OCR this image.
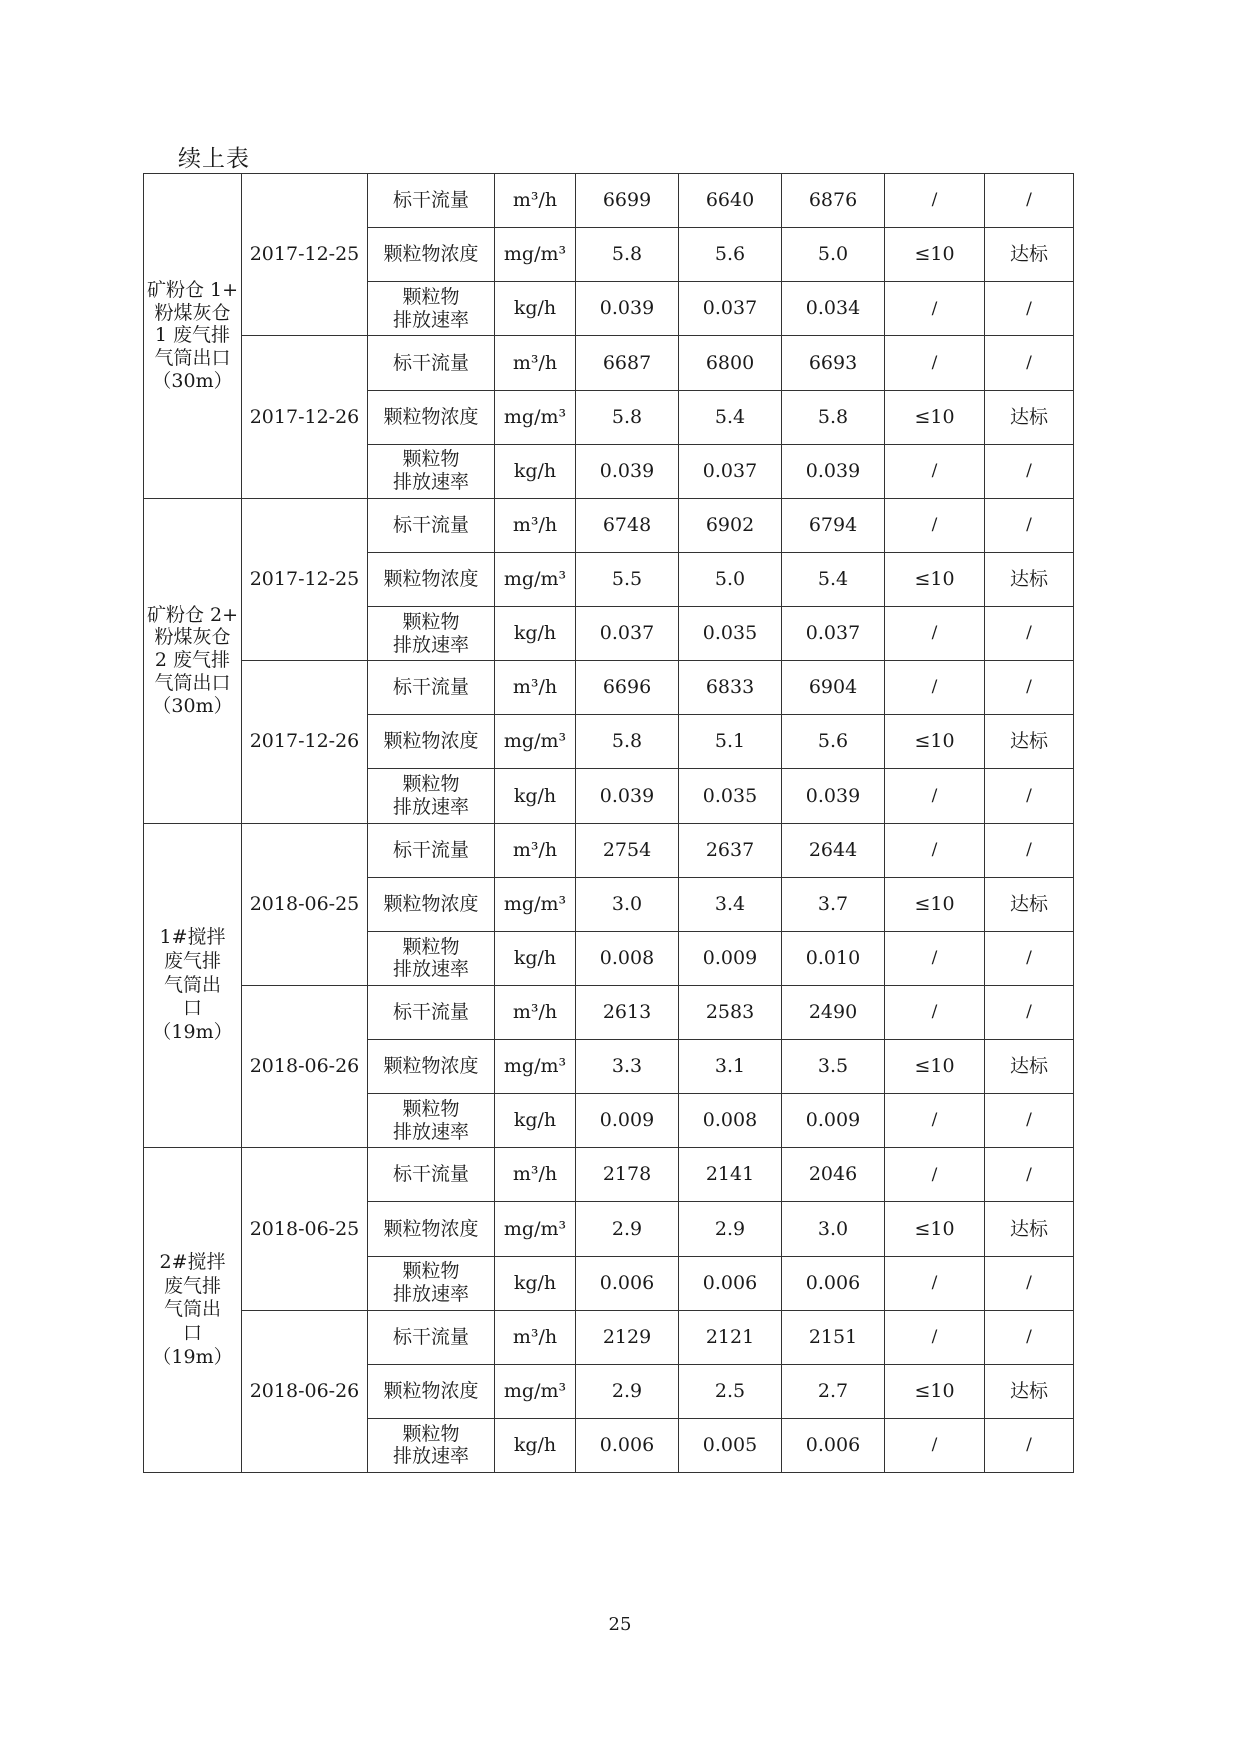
续上表
矿粉仓 1+
粉煤灰仓
1 废气排
气筒出口
（30m）	2017-12-25	标干流量	m³/h	6699	6640	6876	/	/
		颗粒物浓度	mg/m³	5.8	5.6	5.0	≤10	达标
		颗粒物
排放速率	kg/h	0.039	0.037	0.034	/	/
	2017-12-26	标干流量	m³/h	6687	6800	6693	/	/
		颗粒物浓度	mg/m³	5.8	5.4	5.8	≤10	达标
		颗粒物
排放速率	kg/h	0.039	0.037	0.039	/	/
矿粉仓 2+
粉煤灰仓
2 废气排
气筒出口
（30m）	2017-12-25	标干流量	m³/h	6748	6902	6794	/	/
		颗粒物浓度	mg/m³	5.5	5.0	5.4	≤10	达标
		颗粒物
排放速率	kg/h	0.037	0.035	0.037	/	/
	2017-12-26	标干流量	m³/h	6696	6833	6904	/	/
		颗粒物浓度	mg/m³	5.8	5.1	5.6	≤10	达标
		颗粒物
排放速率	kg/h	0.039	0.035	0.039	/	/
1#搅拌
废气排
气筒出
口
（19m）	2018-06-25	标干流量	m³/h	2754	2637	2644	/	/
		颗粒物浓度	mg/m³	3.0	3.4	3.7	≤10	达标
		颗粒物
排放速率	kg/h	0.008	0.009	0.010	/	/
	2018-06-26	标干流量	m³/h	2613	2583	2490	/	/
		颗粒物浓度	mg/m³	3.3	3.1	3.5	≤10	达标
		颗粒物
排放速率	kg/h	0.009	0.008	0.009	/	/
2#搅拌
废气排
气筒出
口
（19m）	2018-06-25	标干流量	m³/h	2178	2141	2046	/	/
		颗粒物浓度	mg/m³	2.9	2.9	3.0	≤10	达标
		颗粒物
排放速率	kg/h	0.006	0.006	0.006	/	/
	2018-06-26	标干流量	m³/h	2129	2121	2151	/	/
		颗粒物浓度	mg/m³	2.9	2.5	2.7	≤10	达标
		颗粒物
排放速率	kg/h	0.006	0.005	0.006	/	/
25
